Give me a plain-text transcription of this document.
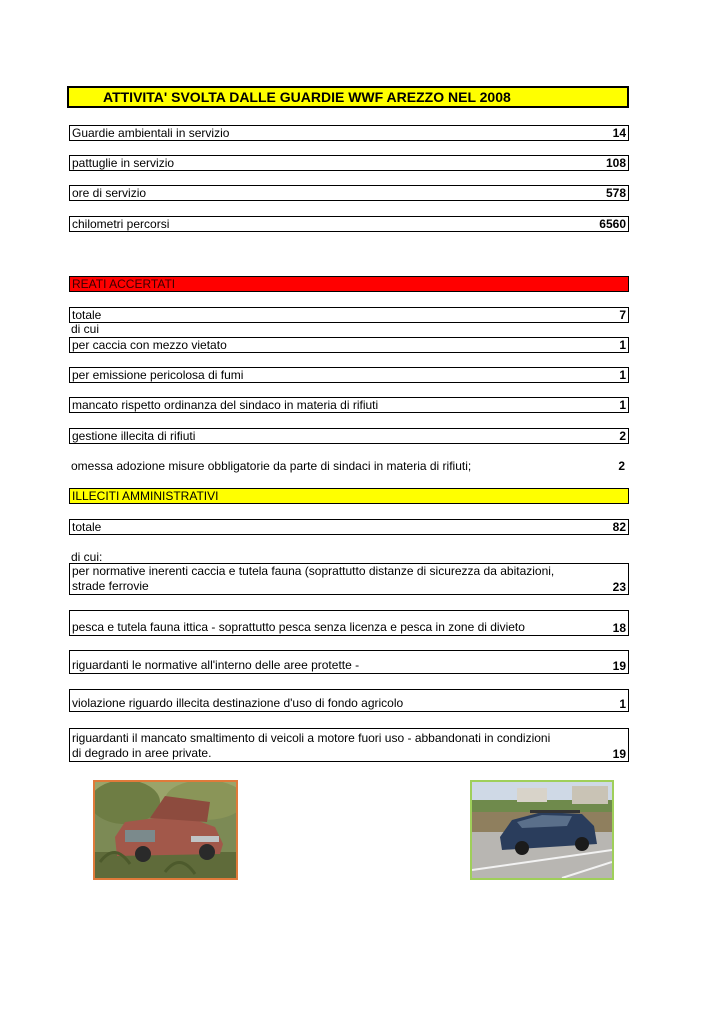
ATTIVITA' SVOLTA DALLE GUARDIE WWF AREZZO NEL 2008
Guardie ambientali in servizio	14
pattuglie in servizio	108
ore di servizio	578
chilometri percorsi	6560
REATI ACCERTATI
totale	7
di cui
per caccia con mezzo vietato	1
per emissione pericolosa di fumi	1
mancato rispetto ordinanza del sindaco in materia di rifiuti	1
gestione illecita di rifiuti	2
omessa adozione misure obbligatorie da parte di sindaci in materia di rifiuti;	2
ILLECITI AMMINISTRATIVI
totale	82
di cui:
per normative inerenti caccia e tutela fauna (soprattutto distanze di sicurezza da abitazioni,
strade ferrovie	23
pesca e tutela fauna ittica - soprattutto pesca senza licenza e pesca in zone di divieto	18
riguardanti le normative all'interno delle aree protette -	19
violazione riguardo illecita destinazione d'uso di fondo agricolo	1
riguardanti il mancato smaltimento di veicoli a motore fuori uso - abbandonati in condizioni
di degrado in aree private.	19
